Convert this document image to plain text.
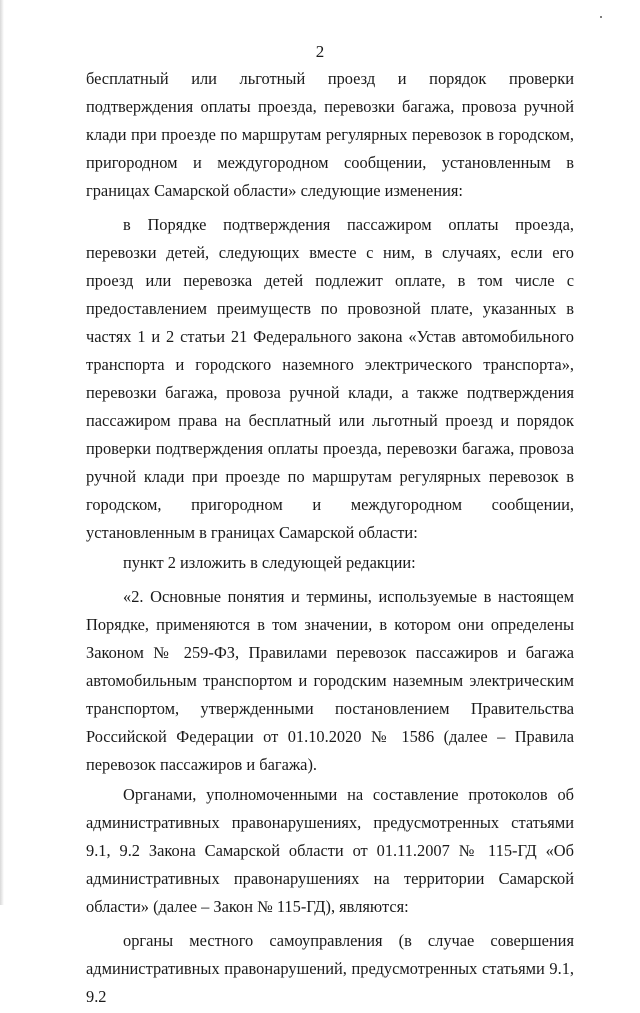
2

бесплатный или льготный проезд и порядок проверки подтверждения оплаты проезда, перевозки багажа, провоза ручной клади при проезде по маршрутам регулярных перевозок в городском, пригородном и междугородном сообщении, установленным в границах Самарской области» следующие изменения:

в Порядке подтверждения пассажиром оплаты проезда, перевозки детей, следующих вместе с ним, в случаях, если его проезд или перевозка детей подлежит оплате, в том числе с предоставлением преимуществ по провозной плате, указанных в частях 1 и 2 статьи 21 Федерального закона «Устав автомобильного транспорта и городского наземного электрического транспорта», перевозки багажа, провоза ручной клади, а также подтверждения пассажиром права на бесплатный или льготный проезд и порядок проверки подтверждения оплаты проезда, перевозки багажа, провоза ручной клади при проезде по маршрутам регулярных перевозок в городском, пригородном и междугородном сообщении, установленным в границах Самарской области:

пункт 2 изложить в следующей редакции:

«2. Основные понятия и термины, используемые в настоящем Порядке, применяются в том значении, в котором они определены Законом № 259-ФЗ, Правилами перевозок пассажиров и багажа автомобильным транспортом и городским наземным электрическим транспортом, утвержденными постановлением Правительства Российской Федерации от 01.10.2020 № 1586 (далее – Правила перевозок пассажиров и багажа).

Органами, уполномоченными на составление протоколов об административных правонарушениях, предусмотренных статьями 9.1, 9.2 Закона Самарской области от 01.11.2007 № 115-ГД «Об административных правонарушениях на территории Самарской области» (далее – Закон № 115-ГД), являются:

органы местного самоуправления (в случае совершения административных правонарушений, предусмотренных статьями 9.1, 9.2
